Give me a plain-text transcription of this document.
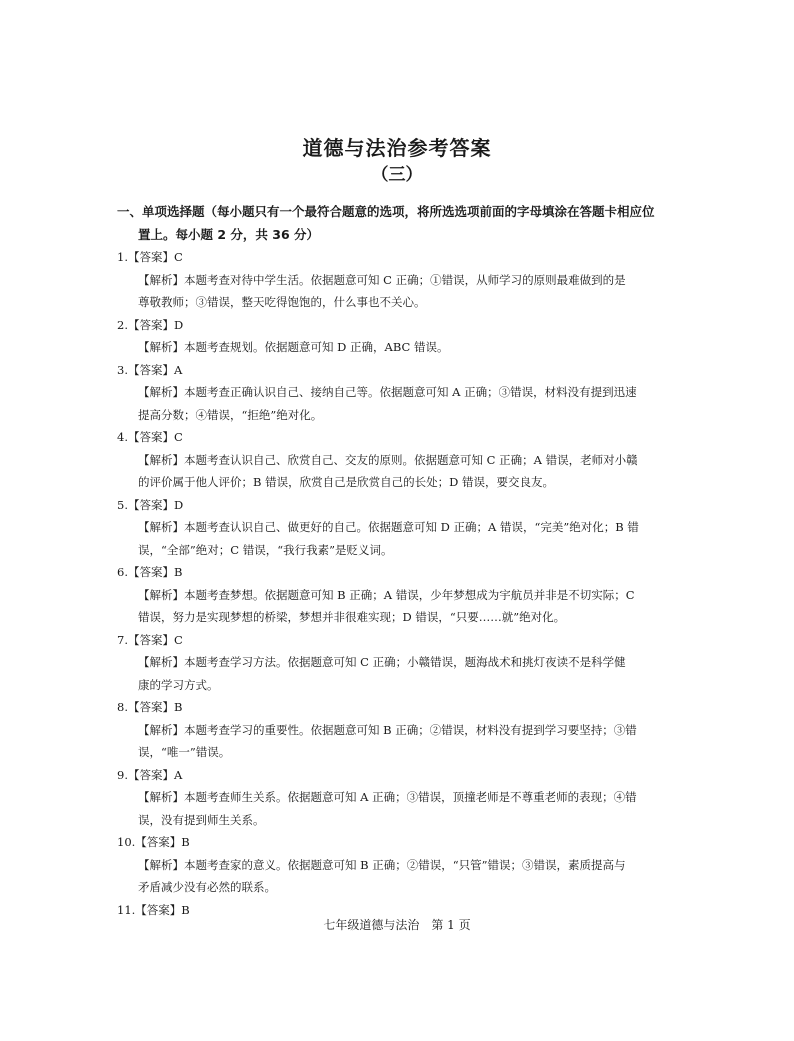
道德与法治参考答案
（三）
一、单项选择题（每小题只有一个最符合题意的选项，将所选选项前面的字母填涂在答题卡相应位
置上。每小题 2 分，共 36 分）
1.【答案】C
【解析】本题考查对待中学生活。依据题意可知 C 正确；①错误，从师学习的原则最难做到的是
尊敬教师；③错误，整天吃得饱饱的，什么事也不关心。
2.【答案】D
【解析】本题考查规划。依据题意可知 D 正确，ABC 错误。
3.【答案】A
【解析】本题考查正确认识自己、接纳自己等。依据题意可知 A 正确；③错误，材料没有提到迅速
提高分数；④错误，“拒绝”绝对化。
4.【答案】C
【解析】本题考查认识自己、欣赏自己、交友的原则。依据题意可知 C 正确；A 错误，老师对小赣
的评价属于他人评价；B 错误，欣赏自己是欣赏自己的长处；D 错误，要交良友。
5.【答案】D
【解析】本题考查认识自己、做更好的自己。依据题意可知 D 正确；A 错误，“完美”绝对化；B 错
误，“全部”绝对；C 错误，“我行我素”是贬义词。
6.【答案】B
【解析】本题考查梦想。依据题意可知 B 正确；A 错误，少年梦想成为宇航员并非是不切实际；C
错误，努力是实现梦想的桥梁，梦想并非很难实现；D 错误，“只要……就”绝对化。
7.【答案】C
【解析】本题考查学习方法。依据题意可知 C 正确；小赣错误，题海战术和挑灯夜读不是科学健
康的学习方式。
8.【答案】B
【解析】本题考查学习的重要性。依据题意可知 B 正确；②错误，材料没有提到学习要坚持；③错
误，“唯一”错误。
9.【答案】A
【解析】本题考查师生关系。依据题意可知 A 正确；③错误，顶撞老师是不尊重老师的表现；④错
误，没有提到师生关系。
10.【答案】B
【解析】本题考查家的意义。依据题意可知 B 正确；②错误，“只管”错误；③错误，素质提高与
矛盾减少没有必然的联系。
11.【答案】B
七年级道德与法治　第 1 页
